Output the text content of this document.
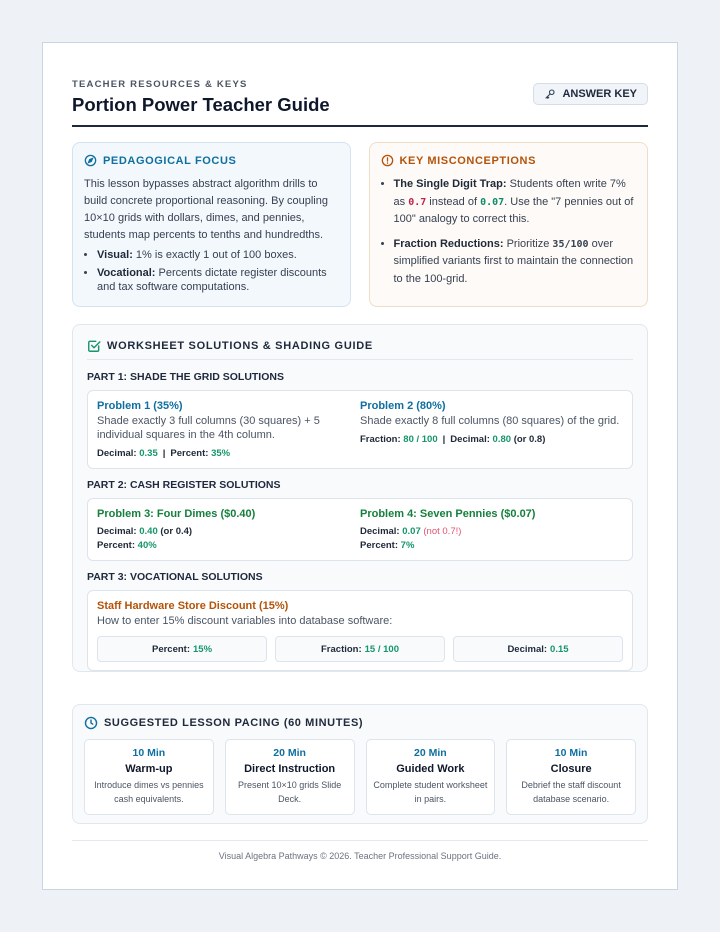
TEACHER RESOURCES & KEYS
Portion Power Teacher Guide	ANSWER KEY
PEDAGOGICAL FOCUS
This lesson bypasses abstract algorithm drills to build concrete proportional reasoning. By coupling 10×10 grids with dollars, dimes, and pennies, students map percents to tenths and hundredths.
• Visual: 1% is exactly 1 out of 100 boxes.
• Vocational: Percents dictate register discounts and tax software computations.
KEY MISCONCEPTIONS
• The Single Digit Trap: Students often write 7% as 0.7 instead of 0.07. Use the "7 pennies out of 100" analogy to correct this.
• Fraction Reductions: Prioritize 35/100 over simplified variants first to maintain the connection to the 100-grid.
WORKSHEET SOLUTIONS & SHADING GUIDE
PART 1: SHADE THE GRID SOLUTIONS
Problem 1 (35%)
Shade exactly 3 full columns (30 squares) + 5 individual squares in the 4th column.
Decimal: 0.35 | Percent: 35%
Problem 2 (80%)
Shade exactly 8 full columns (80 squares) of the grid.
Fraction: 80 / 100 | Decimal: 0.80 (or 0.8)
PART 2: CASH REGISTER SOLUTIONS
Problem 3: Four Dimes ($0.40)
Decimal: 0.40 (or 0.4)
Percent: 40%
Problem 4: Seven Pennies ($0.07)
Decimal: 0.07 (not 0.7!)
Percent: 7%
PART 3: VOCATIONAL SOLUTIONS
Staff Hardware Store Discount (15%)
How to enter 15% discount variables into database software:
Percent: 15%	Fraction: 15 / 100	Decimal: 0.15
SUGGESTED LESSON PACING (60 MINUTES)
10 Min
Warm-up
Introduce dimes vs pennies cash equivalents.
20 Min
Direct Instruction
Present 10×10 grids Slide Deck.
20 Min
Guided Work
Complete student worksheet in pairs.
10 Min
Closure
Debrief the staff discount database scenario.
Visual Algebra Pathways © 2026. Teacher Professional Support Guide.
